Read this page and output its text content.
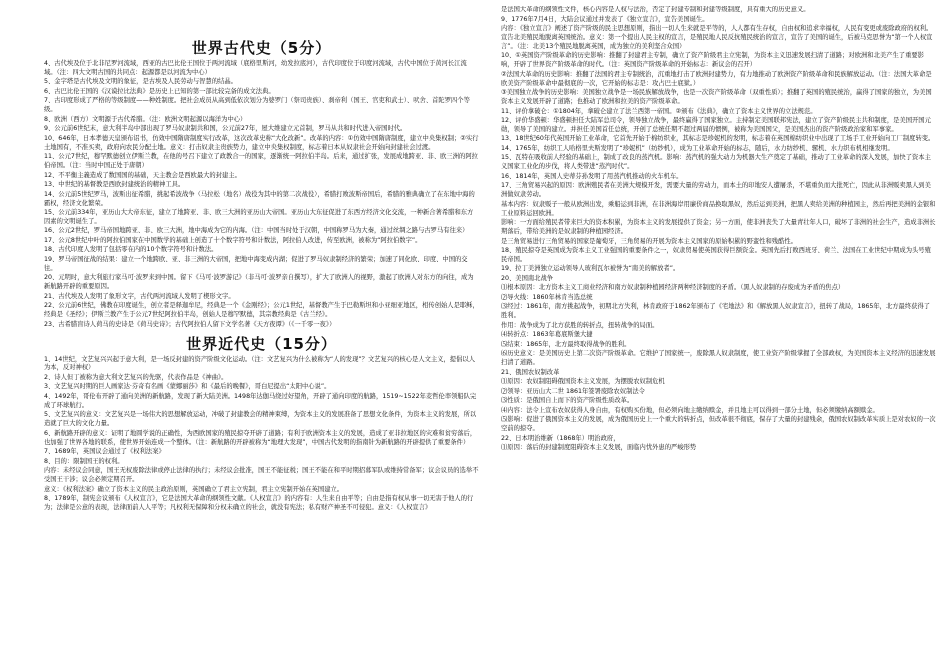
世界古代史（5分）

4、古代埃及位于北非尼罗河流域，西亚的古巴比伦王国位于两河流域（底格里斯河，幼发拉底河），古代印度位于印度河流域，古代中国位于黄河长江流域。（注：四大文明古国的共同点：起源都是以河流为中心）

5、金字塔是古代埃及文明的象征，是古埃及人民劳动与智慧的结晶。

6、古巴比伦王国的《汉谟拉比法典》是历史上已知的第一部比较完备的成文法典。

7、古印度形成了严格的等级制度——种姓制度。把社会成员从高到低依次划分为婆罗门（祭司贵族）、刹帝利（国王、官吏和武士）、吠舍、首陀罗四个等级。

8、欧洲（西方）文明源于古代希腊。（注：欧洲文明起源以海洋为中心）

9、公元前6世纪末，意大利半岛中部出现了罗马奴隶制共和国，公元前27年，屋大维建立元首制，罗马从共和时代进入帝国时代。

10、646年，日本孝德天皇颁布诏书，仿效中国隋唐制度实行改革，这次改革史称“大化改新”。改革的内容：①仿效中国隋唐制度，建立中央集权制；②实行土地国有，不准买卖，政府向农民分配土地。意义：打击奴隶主贵族势力，建立中央集权制度，标志着日本从奴隶社会开始向封建社会过渡。

11、公元7世纪，穆罕默德创立伊斯兰教，在他的号召下建立了政教合一的国家，逐渐统一阿拉伯半岛。后来，通过扩张，发展成地跨亚、非、欧三洲的阿拉伯帝国。（注：当时中国正处于唐朝）

12、不平衡主義造成了数国国的基础，天主教会是西欧最大的封建主。

13、中世纪的基督教是西欧封建统治的精神工具。

14、公元前5世纪罗马，波斯出征希腊，挑起希波战争（马拉松（地名）战役为其中的第二次战役），希腊打败波斯帝国后，希腊的雅典确立了在东地中海的霸权，经济文化繁荣。

15、公元前334年，亚历山大大帝东征，建立了地跨亚、非、欧三大洲的亚历山大帝国。亚历山大东征促进了东西方经济文化交流，一种新合著希腊和东方因素的文明诞生了。

16、公元2世纪，罗马帝国地跨亚、非、欧三大洲，地中海成为它的内海。（注：中国当时处于汉朝，中国称罗马为大秦，通过丝绸之路与古罗马有往来）

17、公元8世纪中叶的阿拉伯国家在中国数学的基础上创造了十个数字符号和计数法，阿拉伯人改进，传至欧洲，被称为“阿拉伯数字”。

18、古代印度人发明了包括零在内的10个数字符号和计数法。

19、罗马帝国征战的结果：建立一个地跨欧、亚、非三洲的大帝国，把地中海变成内湖；促进了罗马奴隶制经济的繁荣；加速了同化欧、印度、中国的交往。

20、元明时，意大利旅行家马可·波罗来到中国。留下《马可·波罗游记》（非马可·波罗亲自撰写），扩大了欧洲人的视野，激起了欧洲人对东方的向往，成为新航路开辟的重要原因。

21、古代埃及人发明了象形文字，古代两河流域人发明了楔形文字。

22、公元前6世纪，佛教在印度诞生，创立者是释迦牟尼，经典是一个《金刚经》；公元1世纪，基督教产生于巴勒斯坦和小亚细亚地区，相传创始人是耶稣，经典是《圣经》；伊斯兰教产生于公元7世纪阿拉伯半岛，创始人是穆罕默德，其宗教经典是《古兰经》。

23、古希腊盲诗人荷马的史诗是《荷马史诗》；古代阿拉伯人留下文学名著《天方夜谭》（《一千零一夜》）

世界近代史（15分）

1、14世纪，文艺复兴兴起于意大利，是一场反封建的资产阶级文化运动。（注：文艺复兴为什么被称为“人的发现”？文艺复兴的核心是人文主义，提倡以人为本，反对神权）

2、诗人但丁被称为意大利文艺复兴的先驱，代表作品是《神曲》。

3、文艺复兴时期的巨人画家达·芬奇有名画《蒙娜丽莎》和《最后的晚餐》，哥白尼提出“太阳中心说”。

4、1492年，哥伦布开辟了通向美洲的新航路，发现了新大陆美洲。1498年达伽马绕过好望角，开辟了通向印度的航路，1519~1522年麦哲伦率领船队完成了环球航行。

5、文艺复兴的意义：文艺复兴是一场伟大的思想解放运动，冲破了封建教会的精神束缚，为资本主义的发展准备了思想文化条件，为资本主义的发展，所以造就了巨大的文化力量。

6、新航路开辟的意义：证明了地圆学说的正确性，为西欧国家的殖民掠夺开辟了道路；有利于欧洲资本主义的发展，造成了亚非拉地区的灾难和贫穷落后，也加强了世界各地的联系，使世界开始连成一个整体。（注：新航路的开辟被称为“地理大发现”，中国古代发明的指南针为新航路的开辟提供了重要条件）

7、1689年，英国议会通过了《权利法案》

8、目的：限制国王的权利。

内容：未经议会同意，国王无权废除法律或停止法律的执行；未经议会批准，国王不能征税；国王不能在和平时期招募军队或维持常备军；议会议员的选举不受国王干涉；议会必须定期召开。

意义：《权利法案》确立了资本主义的民主政治原则，英国确立了君主立宪制，君主立宪制开始在英国建立。

8、1789年，制宪会议颁布《人权宣言》，它是法国大革命的纲领性文献。《人权宣言》的内容有：人生来自由平等；自由是指有权从事一切无害于他人的行为；法律是公意的表现，法律面前人人平等；凡权利无保障和分权未确立的社会，就没有宪法；私有财产神圣不可侵犯。意义：《人权宣言》

是法国大革命的纲领性文件，核心内容是人权与法治，否定了封建专制和封建等级制度，具有重大的历史意义。

9、1776年7月4日，大陆会议通过并发表了《独立宣言》，宣告美国诞生。

内容：《独立宣言》阐述了资产阶级的民主思想原则，指出一切人生来就是平等的，人人都有生存权，自由权和追求幸福权，人民有变更或废除政府的权利。宣告北美殖民地脱离英国统治。意义：第一个提出人民主权的宣言，是殖民地人民反抗殖民统治的宣言，宣告了美国的诞生，后被马克思誉为“第一个人权宣言”。（注：北美13个殖民地脱离英国，成为独立的美利坚合众国）

10、①英国资产阶级革命的历史影响：推翻了封建君主专制，确立了资产阶级君主立宪制，为资本主义迅速发展扫清了道路；对欧洲和北美产生了重要影响，开辟了世界资产阶级革命的时代。（注：英国资产阶级革命的开始标志：新议会的召开）

②法国大革命的历史影响：推翻了法国的君主专制统治，沉重地打击了欧洲封建势力，有力地推动了欧洲资产阶级革命和民族解放运动。（注：法国大革命是欧美资产阶级革命中最彻底的一次，它开始的标志是：攻占巴士底狱。）

③美国独立战争的历史影响：美国独立战争是一场民族解放战争，也是一次资产阶级革命（双重性质）；推翻了英国的殖民统治，赢得了国家的独立，为美国资本主义发展开辟了道路；也推动了欧洲和拉美的资产阶级革命。

11、评价拿破仑：①1804年，拿破仑建立了法兰西第一帝国。②颁布《法典》，确立了资本主义世界的立法规范。

12、评价华盛顿：华盛顿担任大陆军总司令，领导独立战争，最终赢得了国家独立。主持制定美国联邦宪法，建立了资产阶级民主共和制度，是美国开国元勋，领导了美国的建立。并担任美国首任总统，开创了总统任期不超过两届的惯例，被称为美国国父，是美国杰出的资产阶级政治家和军事家。

13、18世纪60年代英国开始工业革命，它首先开始于棉纺织业，其标志是珍妮机的发明，标志着在英国棉纺织业中出现了工场手工业开始向工厂制度转变。

14、1765年，纺织工人哈格里夫斯发明了“珍妮机”（纺纱机），成为工业革命开始的标志，随后，水力纺纱机、骡机、水力织布机相继发明。

15、瓦特在吸收前人经验的基础上，制成了改良的蒸汽机。影响：蒸汽机的强大动力为机器大生产奠定了基础，推动了工业革命的深入发展，加快了资本主义国家工业化的步伐，将人类带进“蒸汽时代”。

16、1814年，英国人史蒂芬孙发明了用蒸汽机推动的火车机车。

17、三角贸易兴起的原因：欧洲殖民者在美洲大规模开发，需要大量的劳动力，而本土的印地安人遭屠杀，不堪重负而大批死亡，因此从非洲贩卖黑人到美洲做奴隶劳动。

基本内容：奴隶贩子一般从欧洲出发，乘船运到非洲，在非洲海岸用廉价商品换取黑奴，然后运到美洲，把黑人卖给美洲的种植园主，然后再把美洲的金银和工业原料运回欧洲。

影响：一方面给殖民者带来巨大的资本积累，为资本主义的发展提供了资金；另一方面，使非洲丧失了大量青壮年人口，破坏了非洲的社会生产，造成非洲长期落后，带给美洲的是奴隶制的种植园经济。

是三角贸易进行三角贸易的国家是葡萄牙，三角贸易的开展为资本主义国家的原始积累的野蛮性和残酷性。

18、殖民掠夺是英国成为资本主义工业强国的重要条件之一，奴隶贸易使英国获得巨额资金。英国先后打败西班牙、荷兰、法国在工业世纪中期成为头号殖民帝国。

19、拉丁美洲独立运动领导人玻利瓦尔被誉为“南美的解放者”。

20、美国南北战争

⑴根本原因：北方资本主义工商业经济和南方奴隶制种植园经济两种经济制度的矛盾。（黑人奴隶制的存废成为矛盾的焦点）

⑵导火线：1860年林肯当选总统

⑶经过：1861年，南方挑起战争，初期北方失利，林肯政府于1862年颁布了《宅地法》和《解放黑人奴隶宣言》，扭转了战局，1865年，北方最终获得了胜利。

作用：战争成为了北方获胜的转折点，扭转战争的局面。

⑷转折点：1863年葛底斯堡大捷

⑸结束：1865年，北方最终取得战争的胜利。

⑹历史意义：是美国历史上第二次资产阶级革命。它维护了国家统一，废除黑人奴隶制度，使工业资产阶级掌握了全部政权，为美国资本主义经济的迅速发展扫清了道路。

21、俄国农奴制改革

⑴原因：农奴制阻碍俄国资本主义发展，为摆脱农奴制危机

⑵领导：亚历山大二世 1861年签署废除农奴制法令

⑶性质：是俄国自上而下的资产阶级性质改革。

⑷内容：法令上宣布农奴获得人身自由，有权购买份地，但必须向地主缴纳赎金，并且地主可以得到一部分土地，但必须缴纳高额赎金。

⑸影响：促进了俄国资本主义的发展，成为俄国历史上一个重大的转折点，但改革很不彻底，保存了大量的封建残余，俄国农奴制改革实质上是对农奴的一次空前的掠夺。

22、日本明治维新（1868年）明治政府，

⑴原因：落后的封建制度阻碍资本主义发展，面临内忧外患的严峻形势
